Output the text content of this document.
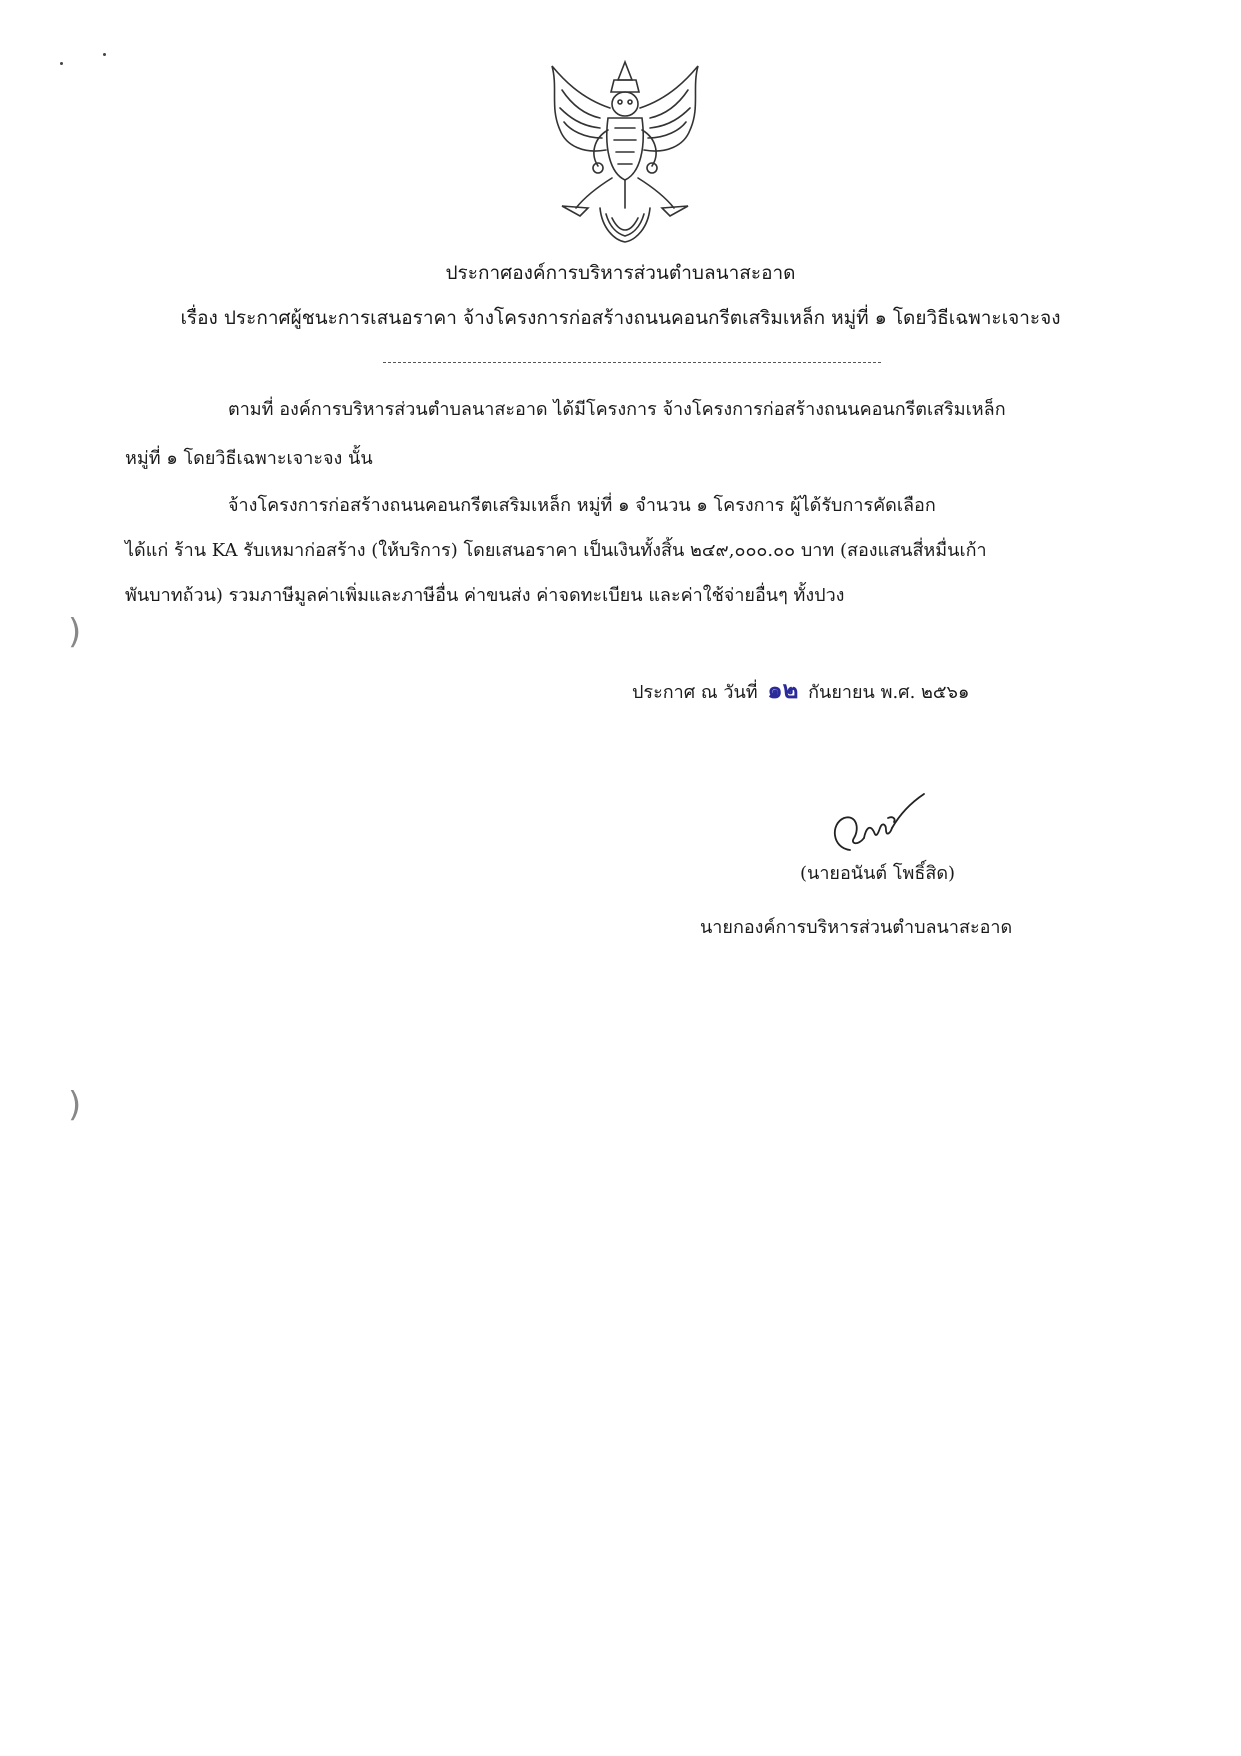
ประกาศองค์การบริหารส่วนตำบลนาสะอาด
เรื่อง ประกาศผู้ชนะการเสนอราคา จ้างโครงการก่อสร้างถนนคอนกรีตเสริมเหล็ก หมู่ที่ ๑ โดยวิธีเฉพาะเจาะจง
ตามที่ องค์การบริหารส่วนตำบลนาสะอาด ได้มีโครงการ จ้างโครงการก่อสร้างถนนคอนกรีตเสริมเหล็ก
หมู่ที่ ๑ โดยวิธีเฉพาะเจาะจง นั้น
จ้างโครงการก่อสร้างถนนคอนกรีตเสริมเหล็ก หมู่ที่ ๑ จำนวน ๑ โครงการ ผู้ได้รับการคัดเลือก
ได้แก่ ร้าน KA รับเหมาก่อสร้าง (ให้บริการ) โดยเสนอราคา เป็นเงินทั้งสิ้น ๒๔๙,๐๐๐.๐๐ บาท (สองแสนสี่หมื่นเก้า
พันบาทถ้วน) รวมภาษีมูลค่าเพิ่มและภาษีอื่น ค่าขนส่ง ค่าจดทะเบียน และค่าใช้จ่ายอื่นๆ ทั้งปวง
)
)
ประกาศ ณ วันที่ ๑๒ กันยายน พ.ศ. ๒๕๖๑
(นายอนันต์ โพธิ์สิด)
นายกองค์การบริหารส่วนตำบลนาสะอาด
